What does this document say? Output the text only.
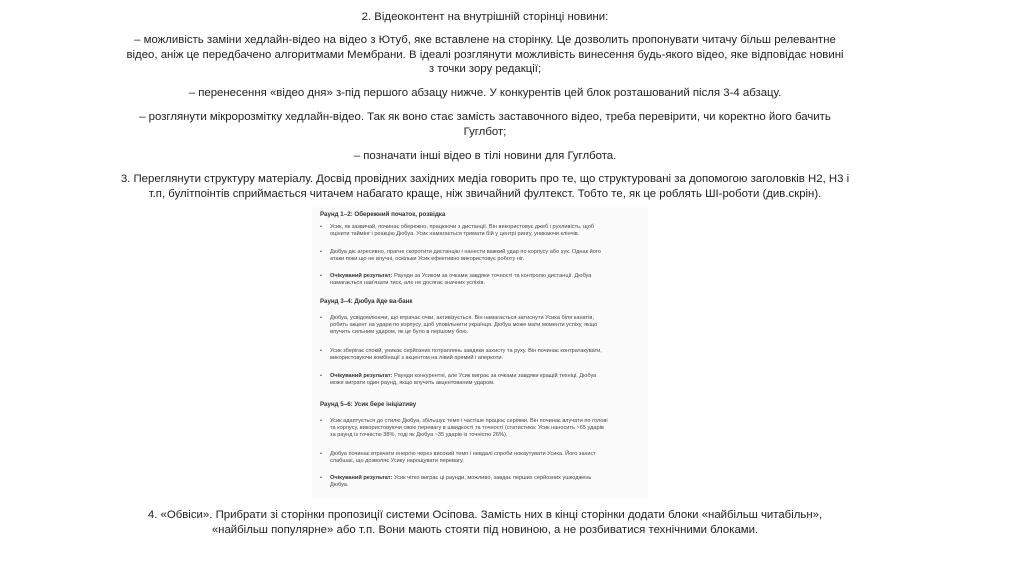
2. Відеоконтент на внутрішній сторінці новини:
– можливість заміни хедлайн-відео на відео з Ютуб, яке вставлене на сторінку. Це дозволить пропонувати читачу більш релевантне
відео, аніж це передбачено алгоритмами Мембрани. В ідеалі розглянути можливість винесення будь-якого відео, яке відповідає новині
з точки зору редакції;
– перенесення «відео дня» з-під першого абзацу нижче. У конкурентів цей блок розташований після 3-4 абзацу.
– розглянути мікророзмітку хедлайн-відео. Так як воно стає замість заставочного відео, треба перевірити, чи коректно його бачить
Гуглбот;
– позначати інші відео в тілі новини для Гуглбота.
3. Переглянути структуру матеріалу. Досвід провідних західних медіа говорить про те, що структуровані за допомогою заголовків Н2, Н3 і
т.п, булітпоінтів сприймається читачем набагато краще, ніж звичайний фултекст. Тобто те, як це роблять ШІ-роботи (див.скрін).
Раунд 1–2: Обережний початок, розвідка
• Усик, як зазвичай, починає обережно, працюючи з дистанції. Він використовує джеб і рухливість, щоб
оцінити таймінг і реакцію Дюбуа. Усик намагається тримати бій у центрі рингу, уникаючи клінчів.
• Дюбуа діє агресивно, прагне скоротити дистанцію і нанести важкий удар по корпусу або хук. Однак його
атаки поки що не влучні, оскільки Усик ефективно використовує роботу ніг.
• Очікуваний результат: Раунди за Усиком за очками завдяки точності та контролю дистанції. Дюбуа
намагається нав'язати тиск, але не досягає значних успіхів.
Раунд 3–4: Дюбуа йде ва-банк
• Дюбуа, усвідомлюючи, що втрачає очки, активізується. Він намагається затиснути Усика біля канатів,
робить акцент на удари по корпусу, щоб уповільнити українця. Дюбуа може мати моменти успіху, якщо
влучить сильним ударом, як це було в першому бою.
• Усик зберігає спокій, уникає серйозних потраплянь завдяки захисту та руху. Він починає контратакувати,
використовуючи комбінації з акцентом на лівий прямий і аперкоти.
• Очікуваний результат: Раунди конкурентні, але Усик виграє за очками завдяки кращій техніці. Дюбуа
може виграти один раунд, якщо влучить акцентованим ударом.
Раунд 5–6: Усик бере ініціативу
• Усик адаптується до стилю Дюбуа, збільшує темп і частіше працює серіями. Він починає влучати по голові
та корпусу, використовуючи свою перевагу в швидкості та точності (статистика: Усик наносить ~65 ударів
за раунд із точністю 38%, тоді як Дюбуа ~35 ударів із точністю 26%).
• Дюбуа починає втрачати енергію через високий темп і невдалі спроби нокаутувати Усика. Його захист
слабшає, що дозволяє Усику нарощувати перевагу.
• Очікуваний результат: Усик чітко виграє ці раунди, можливо, завдає перших серйозних ушкоджень
Дюбуа.
4. «Обвіси». Прибрати зі сторінки пропозиції системи Осіпова. Замість них в кінці сторінки додати блоки «найбільш читабільн»,
«найбільш популярне» або т.п. Вони мають стояти під новиною, а не розбиватися технічними блоками.
